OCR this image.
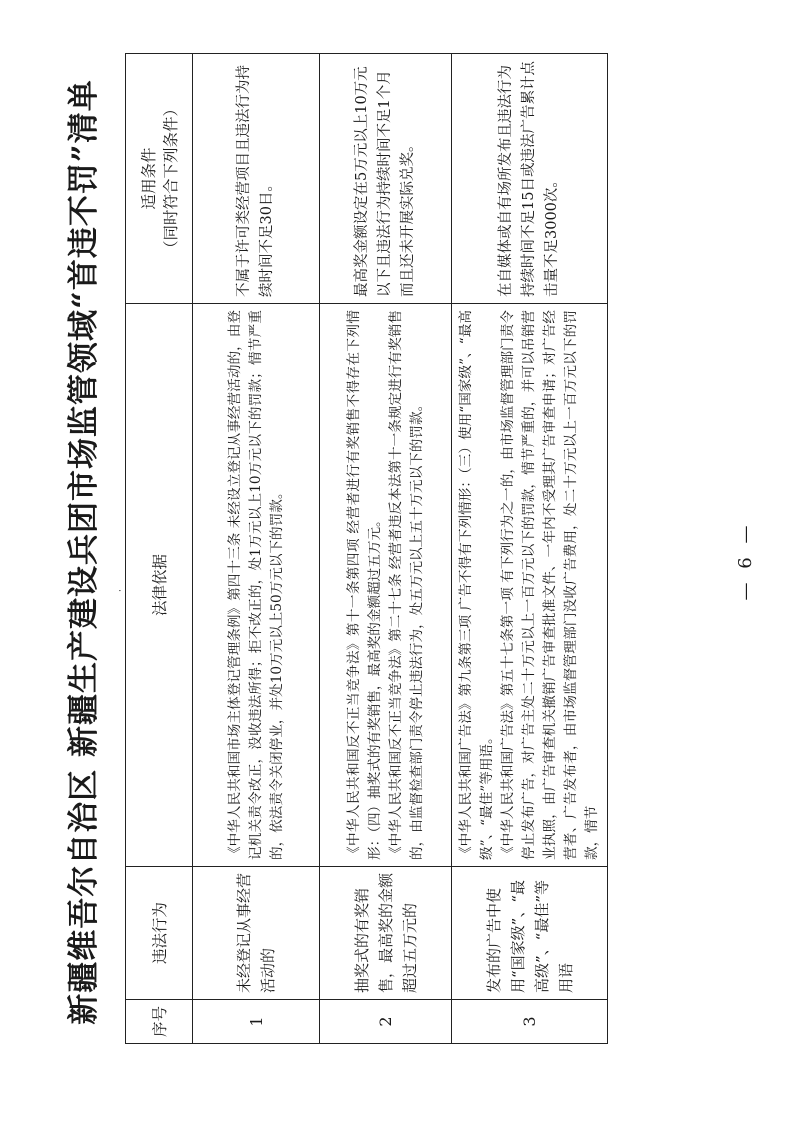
新疆维吾尔自治区 新疆生产建设兵团市场监管领域“首违不罚”清单 ·
序号	违法行为	法律依据	适用条件
（同时符合下列条件）
1	未经登记从事经营活动的	《中华人民共和国市场主体登记管理条例》第四十三条 未经设立登记从事经营活动的，由登记机关责令改正，没收违法所得；拒不改正的，处1万元以上10万元以下的罚款；情节严重的，依法责令关闭停业，并处10万元以上50万元以下的罚款。	不属于许可类经营项目且违法行为持续时间不足30日。
2	抽奖式的有奖销售，最高奖的金额超过五万元的	《中华人民共和国反不正当竞争法》第十一条第四项 经营者进行有奖销售不得存在下列情形：（四）抽奖式的有奖销售，最高奖的金额超过五万元。
《中华人民共和国反不正当竞争法》第二十七条 经营者违反本法第十一条规定进行有奖销售的，由监督检查部门责令停止违法行为，处五万元以上五十万元以下的罚款。	最高奖金额设定在5万元以上10万元以下且违法行为持续时间不足1个月而且还未开展实际兑奖。
3	发布的广告中使用“国家级”、“最高级”、“最佳”等用语	《中华人民共和国广告法》第九条第三项 广告不得有下列情形：（三）使用“国家级”、“最高级”、“最佳”等用语。
《中华人民共和国广告法》第五十七条第一项 有下列行为之一的，由市场监督管理部门责令停止发布广告，对广告主处二十万元以上一百万元以下的罚款，情节严重的，并可以吊销营业执照，由广告审查机关撤销广告审查批准文件、一年内不受理其广告审查申请；对广告经营者、广告发布者，由市场监督管理部门没收广告费用，处二十万元以上一百万元以下的罚款，情节	在自媒体或自有场所发布且违法行为持续时间不足15日或违法广告累计点击量不足3000次。
— 6 —
